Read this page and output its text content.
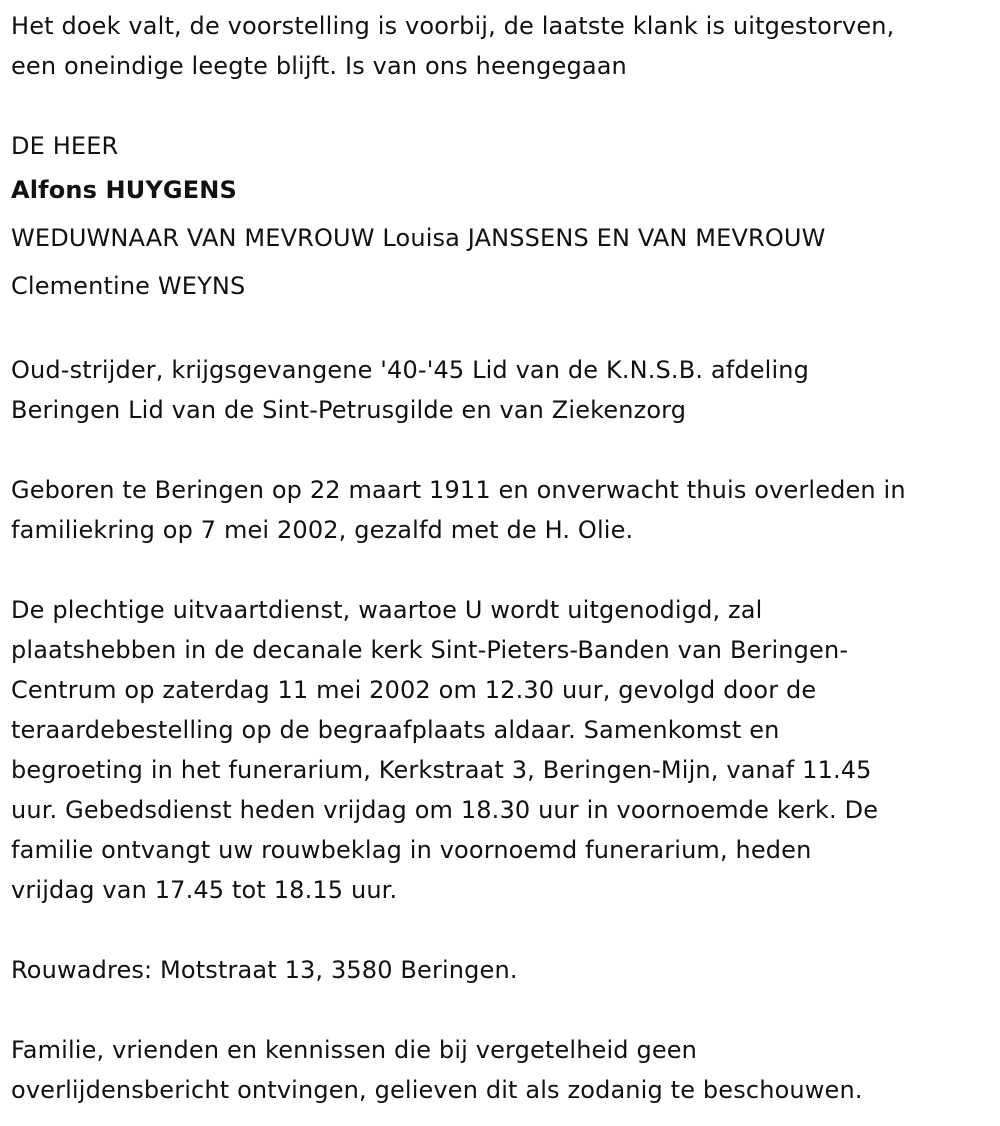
Het doek valt, de voorstelling is voorbij, de laatste klank is uitgestorven,
een oneindige leegte blijft. Is van ons heengegaan

DE HEER

Alfons HUYGENS

WEDUWNAAR VAN MEVROUW Louisa JANSSENS EN VAN MEVROUW
Clementine WEYNS

Oud-strijder, krijgsgevangene '40-'45 Lid van de K.N.S.B. afdeling
Beringen Lid van de Sint-Petrusgilde en van Ziekenzorg

Geboren te Beringen op 22 maart 1911 en onverwacht thuis overleden in
familiekring op 7 mei 2002, gezalfd met de H. Olie.

De plechtige uitvaartdienst, waartoe U wordt uitgenodigd, zal
plaatshebben in de decanale kerk Sint-Pieters-Banden van Beringen-
Centrum op zaterdag 11 mei 2002 om 12.30 uur, gevolgd door de
teraardebestelling op de begraafplaats aldaar. Samenkomst en
begroeting in het funerarium, Kerkstraat 3, Beringen-Mijn, vanaf 11.45
uur. Gebedsdienst heden vrijdag om 18.30 uur in voornoemde kerk. De
familie ontvangt uw rouwbeklag in voornoemd funerarium, heden
vrijdag van 17.45 tot 18.15 uur.

Rouwadres: Motstraat 13, 3580 Beringen.

Familie, vrienden en kennissen die bij vergetelheid geen
overlijdensbericht ontvingen, gelieven dit als zodanig te beschouwen.
